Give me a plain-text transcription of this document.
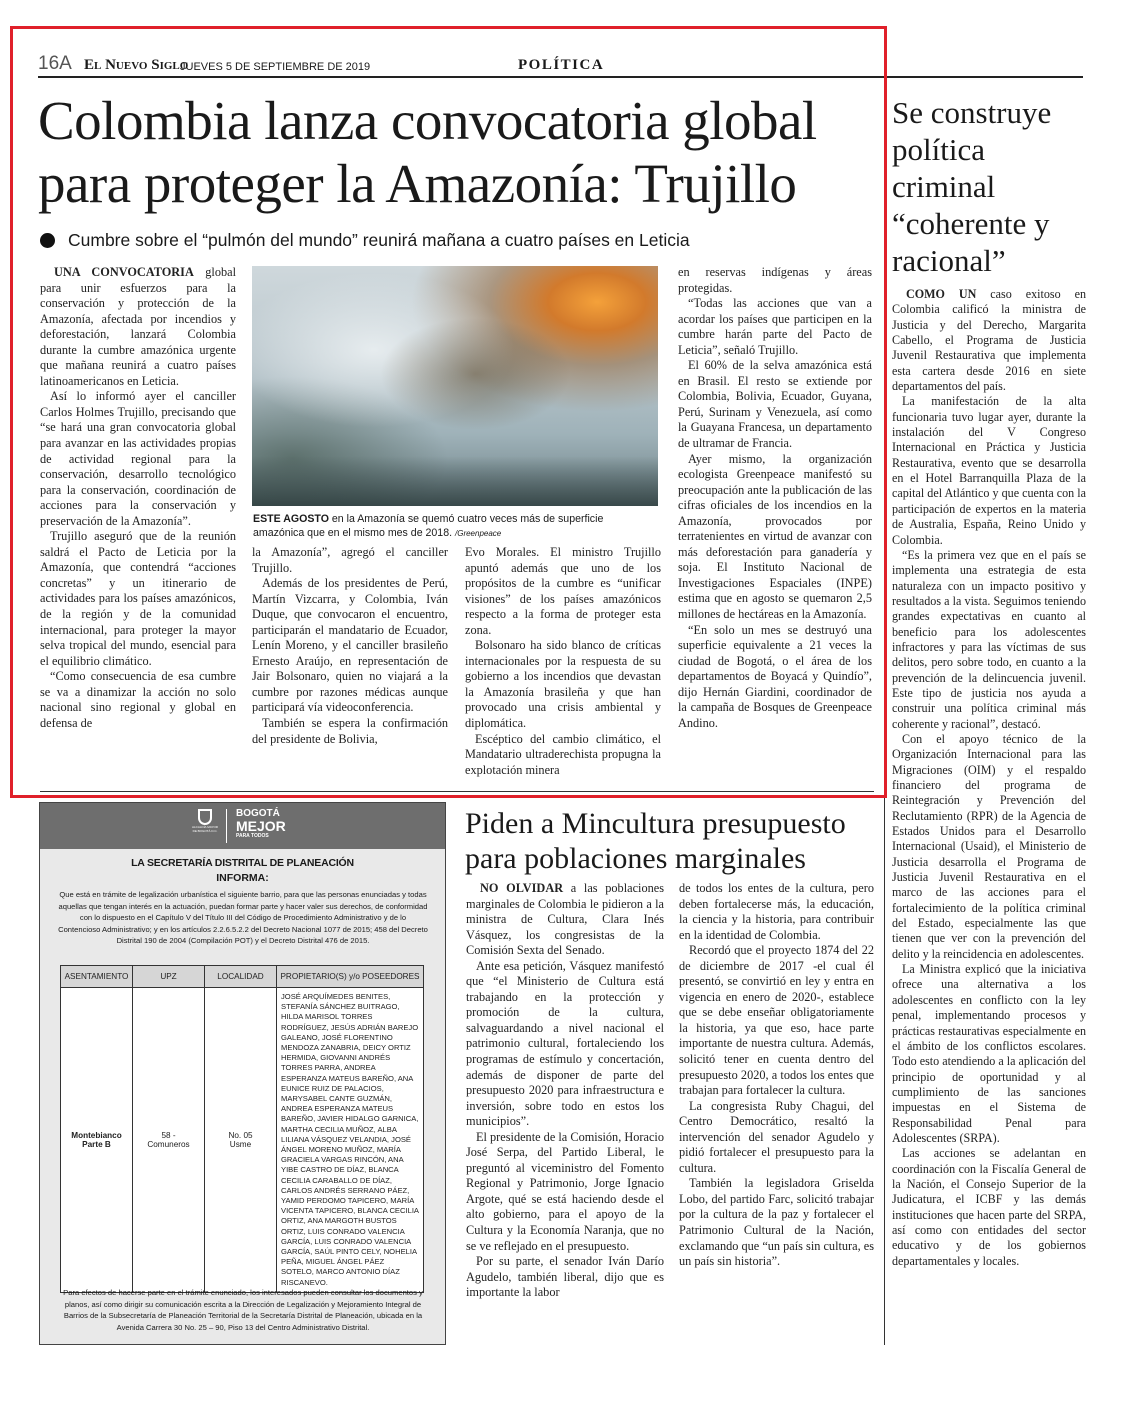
16A El Nuevo Siglo
JUEVES 5 DE SEPTIEMBRE DE 2019	POLÍTICA
Colombia lanza convocatoria global para proteger la Amazonía: Trujillo
Cumbre sobre el “pulmón del mundo” reunirá mañana a cuatro países en Leticia

UNA CONVOCATORIA global para unir esfuerzos para la conservación y protección de la Amazonía, afectada por incendios y deforestación, lanzará Colombia durante la cumbre amazónica urgente que mañana reunirá a cuatro países latinoamericanos en Leticia.

Así lo informó ayer el canciller Carlos Holmes Trujillo, precisando que “se hará una gran convocatoria global para avanzar en las actividades propias de actividad regional para la conservación, desarrollo tecnológico para la conservación, coordinación de acciones para la conservación y preservación de la Amazonía”.

Trujillo aseguró que de la reunión saldrá el Pacto de Leticia por la Amazonía, que contendrá “acciones concretas” y un itinerario de actividades para los países amazónicos, de la región y de la comunidad internacional, para proteger la mayor selva tropical del mundo, esencial para el equilibrio climático.

“Como consecuencia de esa cumbre se va a dinamizar la acción no solo nacional sino regional y global en defensa de

ESTE AGOSTO en la Amazonía se quemó cuatro veces más de superficie amazónica que en el mismo mes de 2018. /Greenpeace

la Amazonía”, agregó el canciller Trujillo.

Además de los presidentes de Perú, Martín Vizcarra, y Colombia, Iván Duque, que convocaron el encuentro, participarán el mandatario de Ecuador, Lenín Moreno, y el canciller brasileño Ernesto Araújo, en representación de Jair Bolsonaro, quien no viajará a la cumbre por razones médicas aunque participará vía videoconferencia.

También se espera la confirmación del presidente de Bolivia,

Evo Morales. El ministro Trujillo apuntó además que uno de los propósitos de la cumbre es “unificar visiones” de los países amazónicos respecto a la forma de proteger esta zona.

Bolsonaro ha sido blanco de críticas internacionales por la respuesta de su gobierno a los incendios que devastan la Amazonía brasileña y que han provocado una crisis ambiental y diplomática.

Escéptico del cambio climático, el Mandatario ultraderechista propugna la explotación minera

en reservas indígenas y áreas protegidas.

“Todas las acciones que van a acordar los países que participen en la cumbre harán parte del Pacto de Leticia”, señaló Trujillo.

El 60% de la selva amazónica está en Brasil. El resto se extiende por Colombia, Bolivia, Ecuador, Guyana, Perú, Surinam y Venezuela, así como la Guayana Francesa, un departamento de ultramar de Francia.

Ayer mismo, la organización ecologista Greenpeace manifestó su preocupación ante la publicación de las cifras oficiales de los incendios en la Amazonía, provocados por terratenientes en virtud de avanzar con más deforestación para ganadería y soja. El Instituto Nacional de Investigaciones Espaciales (INPE) estima que en agosto se quemaron 2,5 millones de hectáreas en la Amazonía.

“En solo un mes se destruyó una superficie equivalente a 21 veces la ciudad de Bogotá, o el área de los departamentos de Boyacá y Quindío”, dijo Hernán Giardini, coordinador de la campaña de Bosques de Greenpeace Andino.

Se construye política criminal “coherente y racional”

COMO UN caso exitoso en Colombia calificó la ministra de Justicia y del Derecho, Margarita Cabello, el Programa de Justicia Juvenil Restaurativa que implementa esta cartera desde 2016 en siete departamentos del país.

La manifestación de la alta funcionaria tuvo lugar ayer, durante la instalación del V Congreso Internacional en Práctica y Justicia Restaurativa, evento que se desarrolla en el Hotel Barranquilla Plaza de la capital del Atlántico y que cuenta con la participación de expertos en la materia de Australia, España, Reino Unido y Colombia.

“Es la primera vez que en el país se implementa una estrategia de esta naturaleza con un impacto positivo y resultados a la vista. Seguimos teniendo grandes expectativas en cuanto al beneficio para los adolescentes infractores y para las víctimas de sus delitos, pero sobre todo, en cuanto a la prevención de la delincuencia juvenil. Este tipo de justicia nos ayuda a construir una política criminal más coherente y racional”, destacó.

Con el apoyo técnico de la Organización Internacional para las Migraciones (OIM) y el respaldo financiero del programa de Reintegración y Prevención del Reclutamiento (RPR) de la Agencia de Estados Unidos para el Desarrollo Internacional (Usaid), el Ministerio de Justicia desarrolla el Programa de Justicia Juvenil Restaurativa en el marco de las acciones para el fortalecimiento de la política criminal del Estado, especialmente las que tienen que ver con la prevención del delito y la reincidencia en adolescentes.

La Ministra explicó que la iniciativa ofrece una alternativa a los adolescentes en conflicto con la ley penal, implementando procesos y prácticas restaurativas especialmente en el ámbito de los conflictos escolares. Todo esto atendiendo a la aplicación del principio de oportunidad y al cumplimiento de las sanciones impuestas en el Sistema de Responsabilidad Penal para Adolescentes (SRPA).

Las acciones se adelantan en coordinación con la Fiscalía General de la Nación, el Consejo Superior de la Judicatura, el ICBF y las demás instituciones que hacen parte del SRPA, así como con entidades del sector educativo y de los gobiernos departamentales y locales.

Piden a Mincultura presupuesto para poblaciones marginales

NO OLVIDAR a las poblaciones marginales de Colombia le pidieron a la ministra de Cultura, Clara Inés Vásquez, los congresistas de la Comisión Sexta del Senado.

Ante esa petición, Vásquez manifestó que “el Ministerio de Cultura está trabajando en la protección y promoción de la cultura, salvaguardando a nivel nacional el patrimonio cultural, fortaleciendo los programas de estímulo y concertación, además de disponer de parte del presupuesto 2020 para infraestructura e inversión, sobre todo en estos los municipios”.

El presidente de la Comisión, Horacio José Serpa, del Partido Liberal, le preguntó al viceministro del Fomento Regional y Patrimonio, Jorge Ignacio Argote, qué se está haciendo desde el alto gobierno, para el apoyo de la Cultura y la Economía Naranja, que no se ve reflejado en el presupuesto.

Por su parte, el senador Iván Darío Agudelo, también liberal, dijo que es importante la labor

de todos los entes de la cultura, pero deben fortalecerse más, la educación, la ciencia y la historia, para contribuir en la identidad de Colombia.

Recordó que el proyecto 1874 del 22 de diciembre de 2017 -el cual él presentó, se convirtió en ley y entra en vigencia en enero de 2020-, establece que se debe enseñar obligatoriamente la historia, ya que eso, hace parte importante de nuestra cultura. Además, solicitó tener en cuenta dentro del presupuesto 2020, a todos los entes que trabajan para fortalecer la cultura.

La congresista Ruby Chagui, del Centro Democrático, resaltó la intervención del senador Agudelo y pidió fortalecer el presupuesto para la cultura.

También la legisladora Griselda Lobo, del partido Farc, solicitó trabajar por la cultura de la paz y fortalecer el Patrimonio Cultural de la Nación, exclamando que “un país sin cultura, es un país sin historia”.

ALCALDÍA MAYOR DE BOGOTÁ D.C.
BOGOTÁ
MEJOR
PARA TODOS
LA SECRETARÍA DISTRITAL DE PLANEACIÓN
INFORMA:
Que está en trámite de legalización urbanística el siguiente barrio, para que las personas enunciadas y todas aquellas que tengan interés en la actuación, puedan formar parte y hacer valer sus derechos, de conformidad con lo dispuesto en el Capítulo V del Título III del Código de Procedimiento Administrativo y de lo Contencioso Administrativo; y en los artículos 2.2.6.5.2.2 del Decreto Nacional 1077 de 2015; 458 del Decreto Distrital 190 de 2004 (Compilación POT) y el Decreto Distrital 476 de 2015.
ASENTAMIENTO	UPZ	LOCALIDAD	PROPIETARIO(S) y/o POSEEDORES
Montebianco Parte B	58 - Comuneros	No. 05 Usme	JOSÉ ARQUÍMEDES BENITES, STEFANÍA SÁNCHEZ BUITRAGO, HILDA MARISOL TORRES RODRÍGUEZ, JESÚS ADRIÁN BAREJO GALEANO, JOSÉ FLORENTINO MENDOZA ZANABRIA, DEICY ORTIZ HERMIDA, GIOVANNI ANDRÉS TORRES PARRA, ANDREA ESPERANZA MATEUS BAREÑO, ANA EUNICE RUIZ DE PALACIOS, MARYSABEL CANTE GUZMÁN, ANDREA ESPERANZA MATEUS BAREÑO, JAVIER HIDALGO GARNICA, MARTHA CECILIA MUÑOZ, ALBA LILIANA VÁSQUEZ VELANDIA, JOSÉ ÁNGEL MORENO MUÑOZ, MARÍA GRACIELA VARGAS RINCÓN, ANA YIBE CASTRO DE DÍAZ, BLANCA CECILIA CARABALLO DE DÍAZ, CARLOS ANDRÉS SERRANO PÁEZ, YAMID PERDOMO TAPICERO, MARÍA VICENTA TAPICERO, BLANCA CECILIA ORTIZ, ANA MARGOTH BUSTOS ORTIZ, LUIS CONRADO VALENCIA GARCÍA, LUIS CONRADO VALENCIA GARCÍA, SAÚL PINTO CELY, NOHELIA PEÑA, MIGUEL ÁNGEL PÁEZ SOTELO, MARCO ANTONIO DÍAZ RISCANEVO.
Para efectos de hacerse parte en el trámite enunciado, los interesados pueden consultar los documentos y planos, así como dirigir su comunicación escrita a la Dirección de Legalización y Mejoramiento Integral de Barrios de la Subsecretaría de Planeación Territorial de la Secretaría Distrital de Planeación, ubicada en la Avenida Carrera 30 No. 25 – 90, Piso 13 del Centro Administrativo Distrital.
